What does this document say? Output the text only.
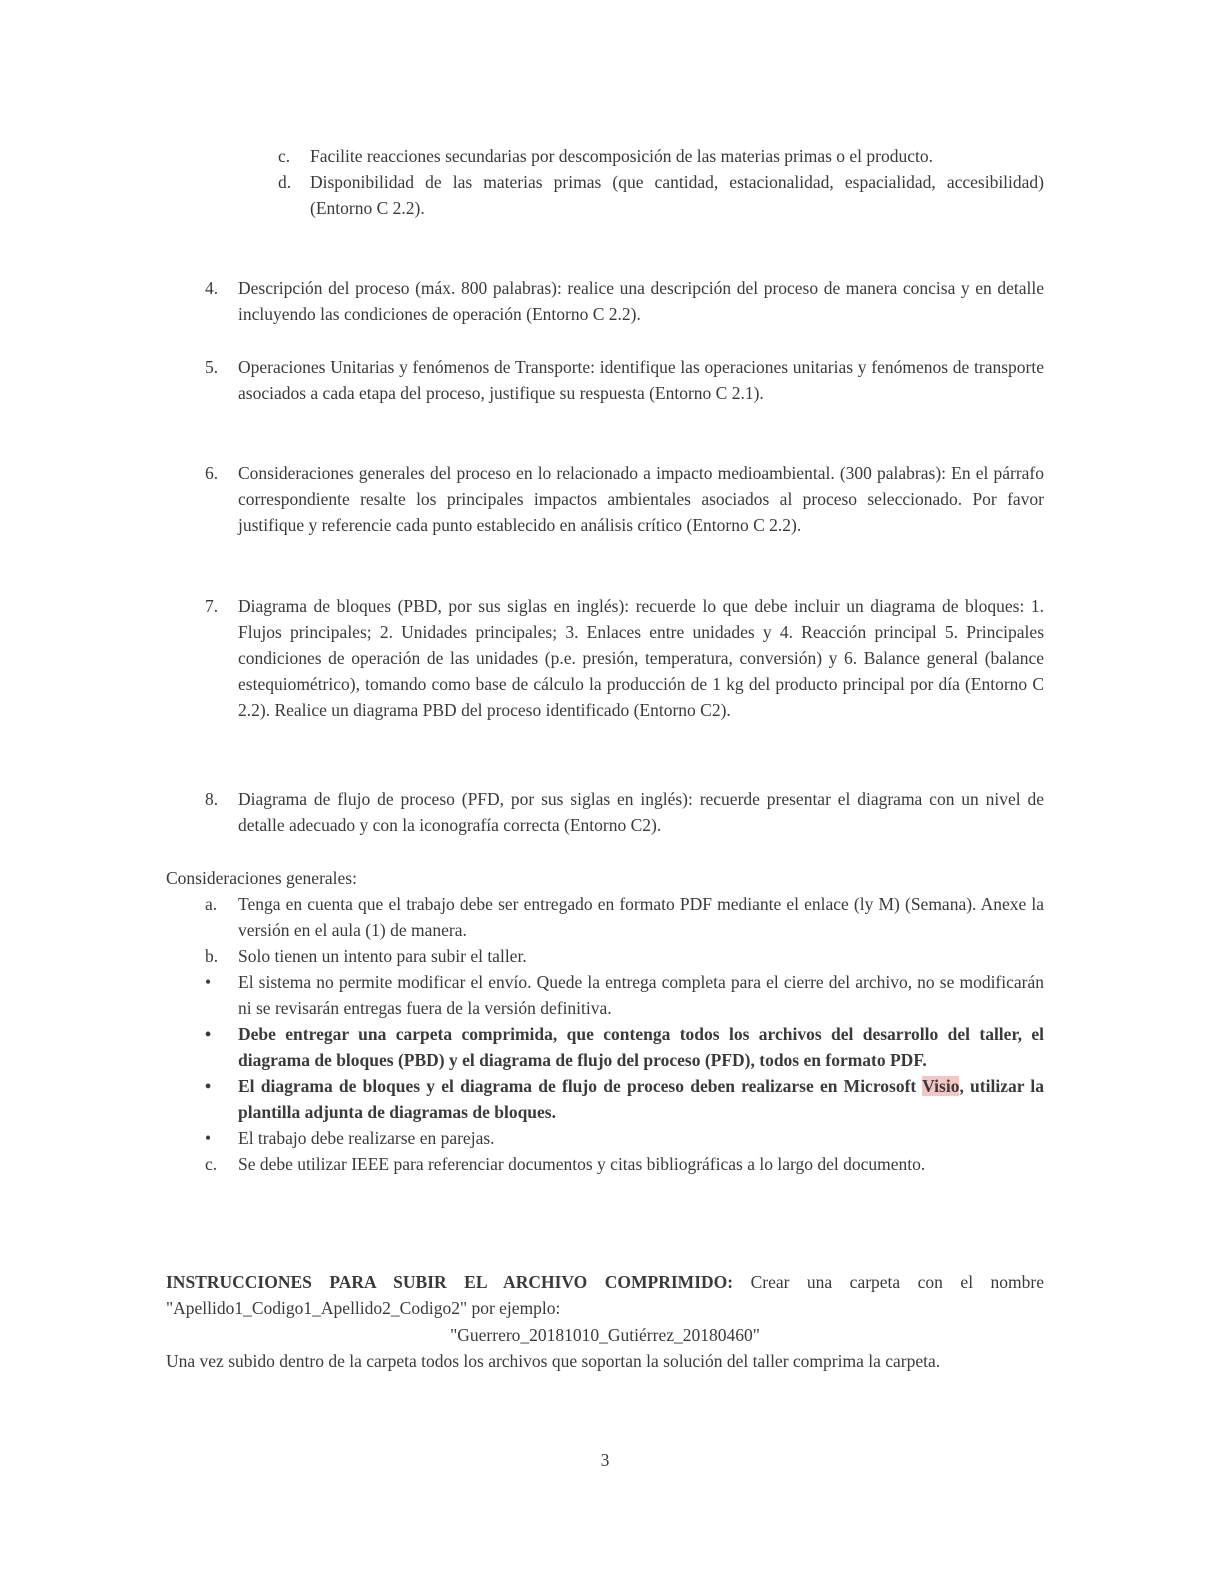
c. Facilite reacciones secundarias por descomposición de las materias primas o el producto.
d. Disponibilidad de las materias primas (que cantidad, estacionalidad, espacialidad, accesibilidad) (Entorno C 2.2).
4. Descripción del proceso (máx. 800 palabras): realice una descripción del proceso de manera concisa y en detalle incluyendo las condiciones de operación (Entorno C 2.2).
5. Operaciones Unitarias y fenómenos de Transporte: identifique las operaciones unitarias y fenómenos de transporte asociados a cada etapa del proceso, justifique su respuesta (Entorno C 2.1).
6. Consideraciones generales del proceso en lo relacionado a impacto medioambiental. (300 palabras): En el párrafo correspondiente resalte los principales impactos ambientales asociados al proceso seleccionado. Por favor justifique y referencie cada punto establecido en análisis crítico (Entorno C 2.2).
7. Diagrama de bloques (PBD, por sus siglas en inglés): recuerde lo que debe incluir un diagrama de bloques: 1. Flujos principales; 2. Unidades principales; 3. Enlaces entre unidades y 4. Reacción principal 5. Principales condiciones de operación de las unidades (p.e. presión, temperatura, conversión) y 6. Balance general (balance estequiométrico), tomando como base de cálculo la producción de 1 kg del producto principal por día (Entorno C 2.2). Realice un diagrama PBD del proceso identificado (Entorno C2).
8. Diagrama de flujo de proceso (PFD, por sus siglas en inglés): recuerde presentar el diagrama con un nivel de detalle adecuado y con la iconografía correcta (Entorno C2).
Consideraciones generales:
a. Tenga en cuenta que el trabajo debe ser entregado en formato PDF mediante el enlace (ly M) (Semana). Anexe la versión en el aula (1) de manera.
b. Solo tienen un intento para subir el taller.
• El sistema no permite modificar el envío. Quede la entrega completa para el cierre del archivo, no se modificarán ni se revisarán entregas fuera de la versión definitiva.
• Debe entregar una carpeta comprimida, que contenga todos los archivos del desarrollo del taller, el diagrama de bloques (PBD) y el diagrama de flujo del proceso (PFD), todos en formato PDF.
• El diagrama de bloques y el diagrama de flujo de proceso deben realizarse en Microsoft Visio, utilizar la plantilla adjunta de diagramas de bloques.
• El trabajo debe realizarse en parejas.
c. Se debe utilizar IEEE para referenciar documentos y citas bibliográficas a lo largo del documento.
INSTRUCCIONES PARA SUBIR EL ARCHIVO COMPRIMIDO: Crear una carpeta con el nombre "Apellido1_Codigo1_Apellido2_Codigo2" por ejemplo:
"Guerrero_20181010_Gutiérrez_20180460"
Una vez subido dentro de la carpeta todos los archivos que soportan la solución del taller comprima la carpeta.
3
